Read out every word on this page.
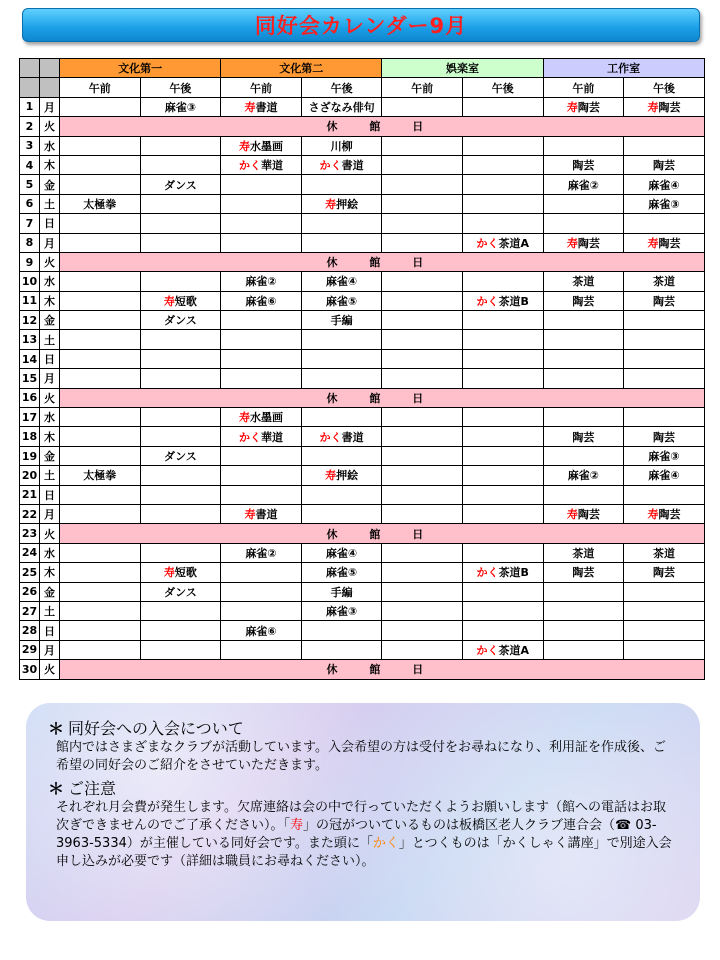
同好会カレンダー9月
		文化第一		文化第二		娯楽室		工作室	
		午前	午後	午前	午後	午前	午後	午前	午後
1	月		麻雀③	寿書道	さざなみ俳句			寿陶芸	寿陶芸
2	火	休 館 日							
3	水			寿水墨画	川柳				
4	木			かく華道	かく書道			陶芸	陶芸
5	金		ダンス					麻雀②	麻雀④
6	土	太極拳			寿押絵				麻雀③
7	日								
8	月						かく茶道A	寿陶芸	寿陶芸
9	火	休 館 日							
10	水			麻雀②	麻雀④			茶道	茶道
11	木		寿短歌	麻雀⑥	麻雀⑤		かく茶道B	陶芸	陶芸
12	金		ダンス		手編				
13	土								
14	日								
15	月								
16	火	休 館 日							
17	水			寿水墨画					
18	木			かく華道	かく書道			陶芸	陶芸
19	金		ダンス						麻雀③
20	土	太極拳			寿押絵			麻雀②	麻雀④
21	日								
22	月			寿書道				寿陶芸	寿陶芸
23	火	休 館 日							
24	水			麻雀②	麻雀④			茶道	茶道
25	木		寿短歌		麻雀⑤		かく茶道B	陶芸	陶芸
26	金		ダンス		手編				
27	土				麻雀③				
28	日			麻雀⑥					
29	月						かく茶道A		
30	火	休 館 日							

＊ 同好会への入会について

館内ではさまざまなクラブが活動しています。入会希望の方は受付をお尋ねになり、利用証を作成後、ご希望の同好会のご紹介をさせていただきます。

＊ ご注意

それぞれ月会費が発生します。欠席連絡は会の中で行っていただくようお願いします（館への電話はお取次ぎできませんのでご了承ください）。「寿」の冠がついているものは板橋区老人クラブ連合会（☎ 03-3963-5334）が主催している同好会です。また頭に「かく」とつくものは「かくしゃく講座」で別途入会申し込みが必要です（詳細は職員にお尋ねください）。
